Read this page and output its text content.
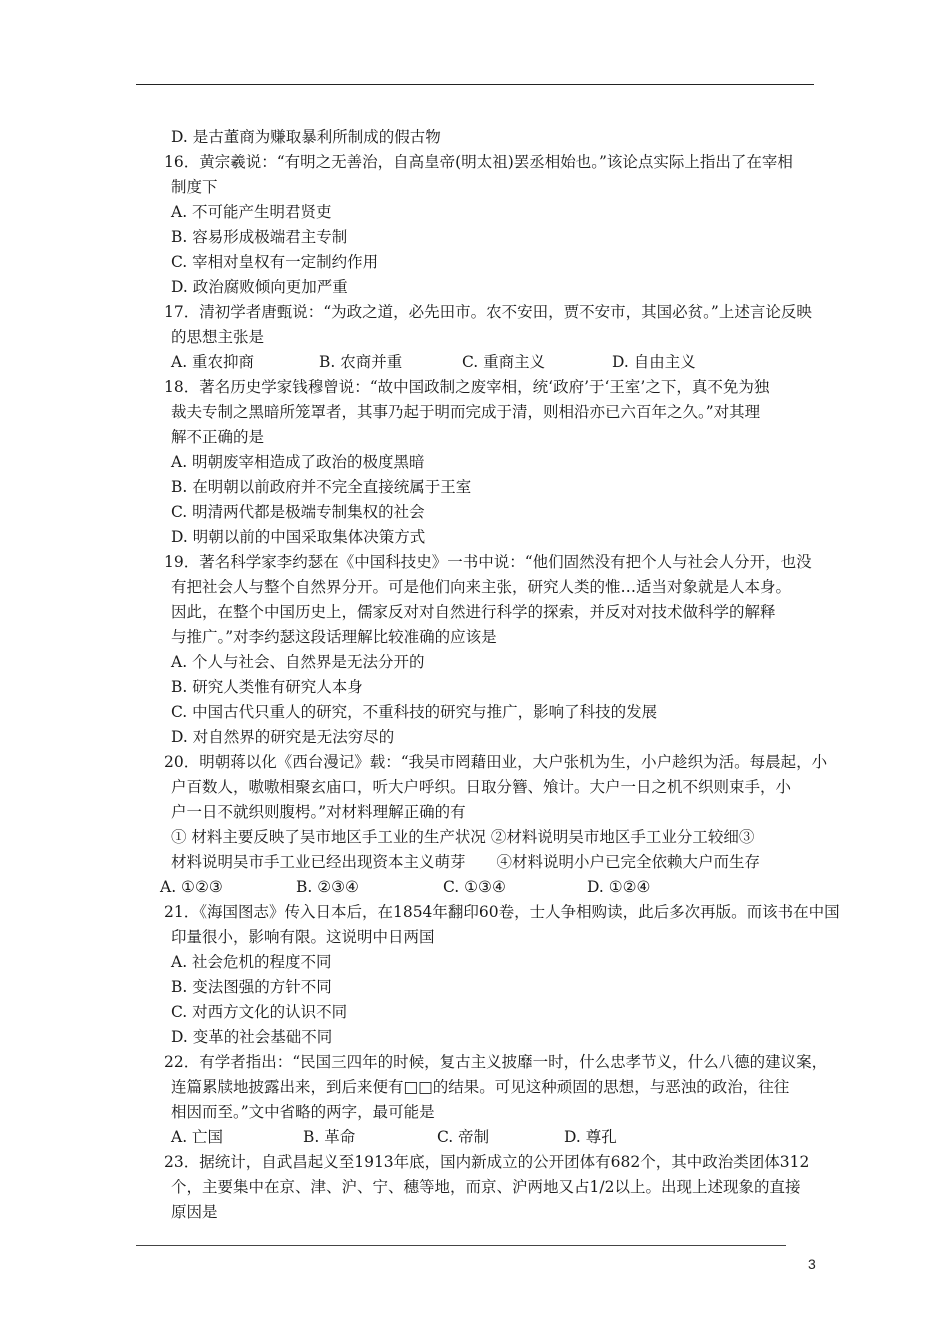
D. 是古董商为赚取暴利所制成的假古物
16．黄宗羲说：“有明之无善治，自高皇帝(明太祖)罢丞相始也。”该论点实际上指出了在宰相
制度下
A. 不可能产生明君贤吏
B. 容易形成极端君主专制
C. 宰相对皇权有一定制约作用
D. 政治腐败倾向更加严重
17．清初学者唐甄说：“为政之道，必先田市。农不安田，贾不安市，其国必贫。”上述言论反映
的思想主张是
A. 重农抑商	B. 农商并重	C. 重商主义	D. 自由主义
18．著名历史学家钱穆曾说：“故中国政制之废宰相，统‘政府’于‘王室’之下，真不免为独
裁夫专制之黑暗所笼罩者，其事乃起于明而完成于清，则相沿亦已六百年之久。”对其理
解不正确的是
A. 明朝废宰相造成了政治的极度黑暗
B. 在明朝以前政府并不完全直接统属于王室
C. 明清两代都是极端专制集权的社会
D. 明朝以前的中国采取集体决策方式
19．著名科学家李约瑟在《中国科技史》一书中说：“他们固然没有把个人与社会人分开，也没
有把社会人与整个自然界分开。可是他们向来主张，研究人类的惟…适当对象就是人本身。
因此，在整个中国历史上，儒家反对对自然进行科学的探索，并反对对技术做科学的解释
与推广。”对李约瑟这段话理解比较准确的应该是
A. 个人与社会、自然界是无法分开的
B. 研究人类惟有研究人本身
C. 中国古代只重人的研究，不重科技的研究与推广，影响了科技的发展
D. 对自然界的研究是无法穷尽的
20．明朝蒋以化《西台漫记》载：“我吴市罔藉田业，大户张机为生，小户趁织为活。每晨起，小
户百数人，嗷嗷相聚玄庙口，听大户呼织。日取分簪、飧计。大户一日之机不织则束手，小
户一日不就织则腹枵。”对材料理解正确的有
① 材料主要反映了吴市地区手工业的生产状况 ②材料说明吴市地区手工业分工较细③
材料说明吴市手工业已经出现资本主义萌芽　　④材料说明小户已完全依赖大户而生存
A. ①②③	B. ②③④	C. ①③④	D. ①②④
21．《海国图志》传入日本后，在1854年翻印60卷，士人争相购读，此后多次再版。而该书在中国
印量很小，影响有限。这说明中日两国
A. 社会危机的程度不同
B. 变法图强的方针不同
C. 对西方文化的认识不同
D. 变革的社会基础不同
22．有学者指出：“民国三四年的时候，复古主义披靡一时，什么忠孝节义，什么八德的建议案，
连篇累牍地披露出来，到后来便有□□的结果。可见这种顽固的思想，与恶浊的政治，往往
相因而至。”文中省略的两字，最可能是
A. 亡国	B. 革命	C. 帝制	D. 尊孔
23．据统计，自武昌起义至1913年底，国内新成立的公开团体有682个，其中政治类团体312
个，主要集中在京、津、沪、宁、穗等地，而京、沪两地又占1/2以上。出现上述现象的直接
原因是
3
